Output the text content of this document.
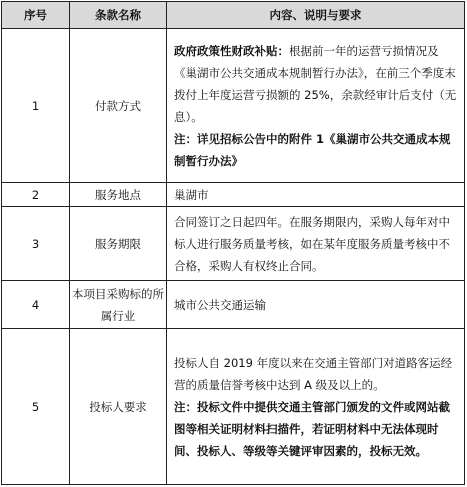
序号	条款名称	内容、说明与要求
1	付款方式	政府政策性财政补贴：根据前一年的运营亏损情况及《巢湖市公共交通成本规制暂行办法》，在前三个季度末拨付上年度运营亏损额的 25%，余款经审计后支付（无息）。

注：详见招标公告中的附件 1《巢湖市公共交通成本规制暂行办法》

2	服务地点	巢湖市
3	服务期限	合同签订之日起四年。在服务期限内，采购人每年对中标人进行服务质量考核，如在某年度服务质量考核中不合格，采购人有权终止合同。
4	本项目采购标的所属行业	城市公共交通运输
5	投标人要求	投标人自 2019 年度以来在交通主管部门对道路客运经营的质量信誉考核中达到 A 级及以上的。

注：投标文件中提供交通主管部门颁发的文件或网站截图等相关证明材料扫描件，若证明材料中无法体现时间、投标人、等级等关键评审因素的，投标无效。
